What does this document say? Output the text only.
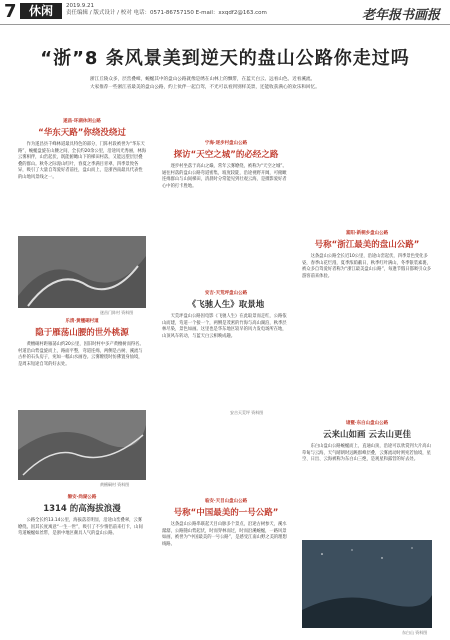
7	休闲	2019.9.21
责任编辑 / 版式设计 / 校对 电话：0571-86757150 E-mail：xxqdf2@163.com	老年报书画报
“浙”8 条风景美到逆天的盘山公路你走过吗

浙江丘陵众多，层峦叠嶂，蜿蜒其中的盘山公路就像是绣在山林上的飘带，在蓝天白云、远看山色、近看溪流。

大家推荐一些浙江省最美的盘山公路，约上伙伴一起自驾，不光可以看到别样美景，还能收获满心的欢乐和回忆。

遂昌·环湖休闲公路
“华东天路”你绕没绕过

作为遂昌县千峰林道最具特色的部分，门阵村段被誉为“华东天路”，蜿蜒盘旋在山腰之间，全长约20余公里，沿途风光秀丽，林海云雾相伴，山峦起伏，既能俯瞰山下的梯田村落，又能远望层层叠叠的群山。秋冬之际漫山红叶，春夏之季满目青翠，四季景致各异，吸引了大量自驾爱好者前往，盘山而上，是浙西南最具代表性的山地风景线之一。

遂昌门阵村 资料图
乐清·黄檀硐村道
隐于雁荡山腰的世外桃源

黄檀硐村距雁荡山约20公里，因旧时村中多产黄檀树而得名。村道沿山势盘旋而上，路面平整，弯道连绵，两侧是古树、溪流与古朴的石头房子，宛如一幅山水画卷。云雾缭绕时仿佛置身仙境，是周末短途自驾的好去处。

黄檀硐村 资料图
磐安·尚湖公路
1314 的高海拔浪漫

公路全长约13.14公里，海拔落差明显，沿途山峦叠翠，云雾缭绕。因其长度寓意“一生一世”，吸引了不少情侣前来打卡，山间弯道蜿蜒如丝带，是浙中地区颇具人气的盘山公路。

宁海·逐步村盘山公路
探访“天空之城”的必经之路

逐步村坐落于高山之巅，常年云雾缭绕，被称为“天空之城”。通往村落的盘山公路弯道密集，坡度较陡，沿途视野开阔，可俯瞰连绵群山与山间梯田，清晨时分常能见到壮观云海，是摄影爱好者心中的打卡胜地。

安吉·天荒坪盘山公路
《飞驰人生》取景地

天荒坪盘山公路因电影《飞驰人生》在此取景而走红，公路依山而建，弯道一个接一个，两侧是茂密的竹海与高山湖泊，秋季层林尽染，景色如画。这里也是华东地区较早的风力发电场所在地，山顶风车转动，与蓝天白云相映成趣。

安吉天荒坪 资料图
临安·天目山盘山公路
号称“中国最美的一号公路”

这条盘山公路串联起天目山脉多个景点，沿途古树参天，溪水潺潺，公路随山势起伏，时而穿林而过，时而沿溪蜿蜒，一路风景如画，被誉为“中国最美的一号公路”，是感受江南山野之美的理想线路。

富阳·新桐乡盘山公路
号称“浙江最美的盘山公路”

这条盘山公路全长近10公里，沿途山峦起伏，四季景色变化多姿，春季山花烂漫，夏季浓荫蔽日，秋季红叶满山，冬季银装素裹，被众多自驾爱好者称为“浙江最美盘山公路”，每逢节假日都吸引众多游客前来体验。

诸暨·东白山盘山公路
云来山如画 云去山更佳

东白山盘山公路蜿蜒而上，直通山顶，沿途可以欣赏到大片高山草甸与云海，天气晴朗时远眺群峰层叠，云雾流动时则宛若仙境，星空、日出、云海被称为东白山三绝，是观星和露营的好去处。

东白山 资料图
